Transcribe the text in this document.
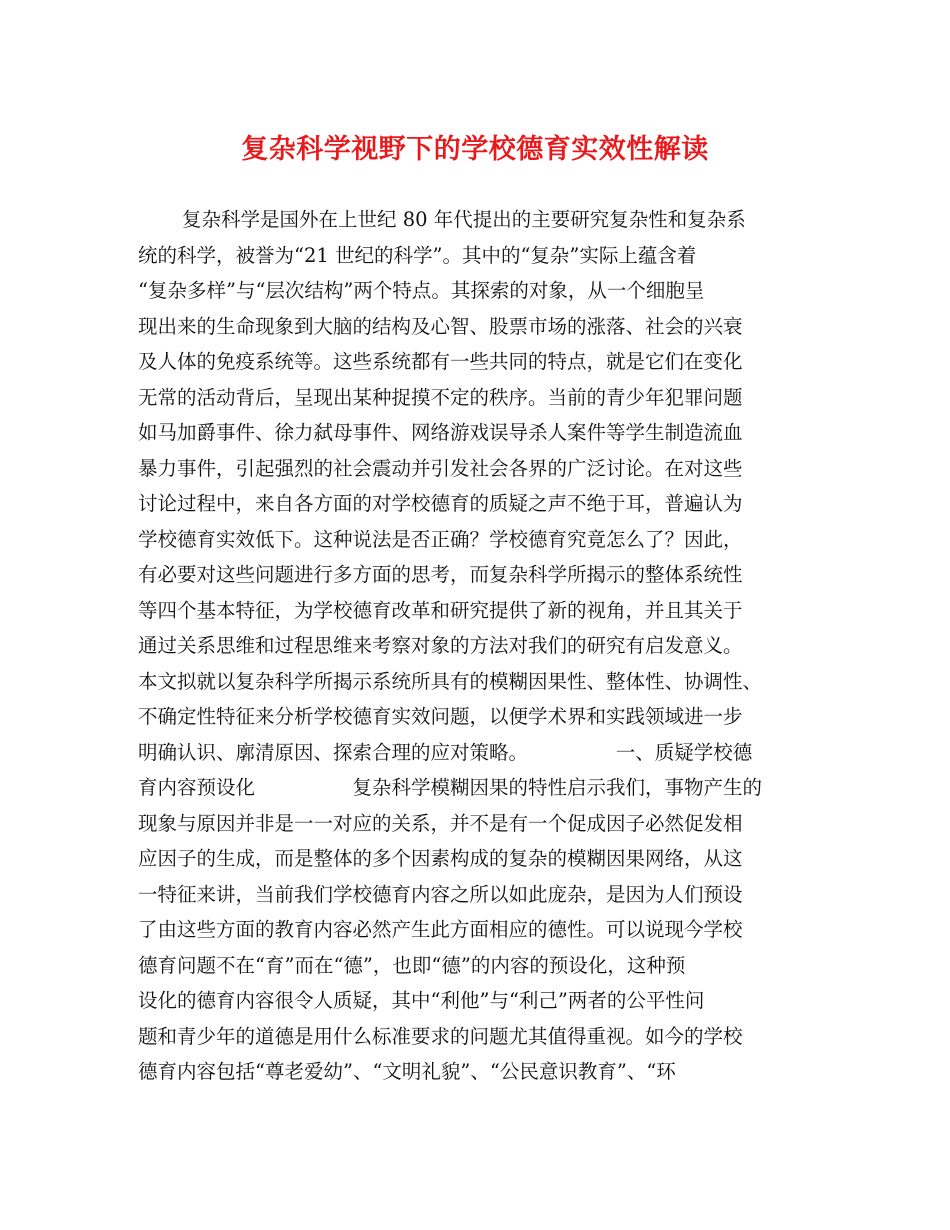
复杂科学视野下的学校德育实效性解读
复杂科学是国外在上世纪 80 年代提出的主要研究复杂性和复杂系
统的科学，被誉为“21 世纪的科学”。其中的“复杂”实际上蕴含着
“复杂多样”与“层次结构”两个特点。其探索的对象，从一个细胞呈
现出来的生命现象到大脑的结构及心智、股票市场的涨落、社会的兴衰
及人体的免疫系统等。这些系统都有一些共同的特点，就是它们在变化
无常的活动背后，呈现出某种捉摸不定的秩序。当前的青少年犯罪问题
如马加爵事件、徐力弑母事件、网络游戏误导杀人案件等学生制造流血
暴力事件，引起强烈的社会震动并引发社会各界的广泛讨论。在对这些
讨论过程中，来自各方面的对学校德育的质疑之声不绝于耳，普遍认为
学校德育实效低下。这种说法是否正确？学校德育究竟怎么了？因此，
有必要对这些问题进行多方面的思考，而复杂科学所揭示的整体系统性
等四个基本特征，为学校德育改革和研究提供了新的视角，并且其关于
通过关系思维和过程思维来考察对象的方法对我们的研究有启发意义。
本文拟就以复杂科学所揭示系统所具有的模糊因果性、整体性、协调性、
不确定性特征来分析学校德育实效问题，以便学术界和实践领域进一步
明确认识、廓清原因、探索合理的应对策略。　　　　　一、质疑学校德
育内容预设化　　　　　复杂科学模糊因果的特性启示我们，事物产生的
现象与原因并非是一一对应的关系，并不是有一个促成因子必然促发相
应因子的生成，而是整体的多个因素构成的复杂的模糊因果网络，从这
一特征来讲，当前我们学校德育内容之所以如此庞杂，是因为人们预设
了由这些方面的教育内容必然产生此方面相应的德性。可以说现今学校
德育问题不在“育”而在“德”，也即“德”的内容的预设化，这种预
设化的德育内容很令人质疑，其中“利他”与“利己”两者的公平性问
题和青少年的道德是用什么标准要求的问题尤其值得重视。如今的学校
德育内容包括“尊老爱幼”、“文明礼貌”、“公民意识教育”、“环
